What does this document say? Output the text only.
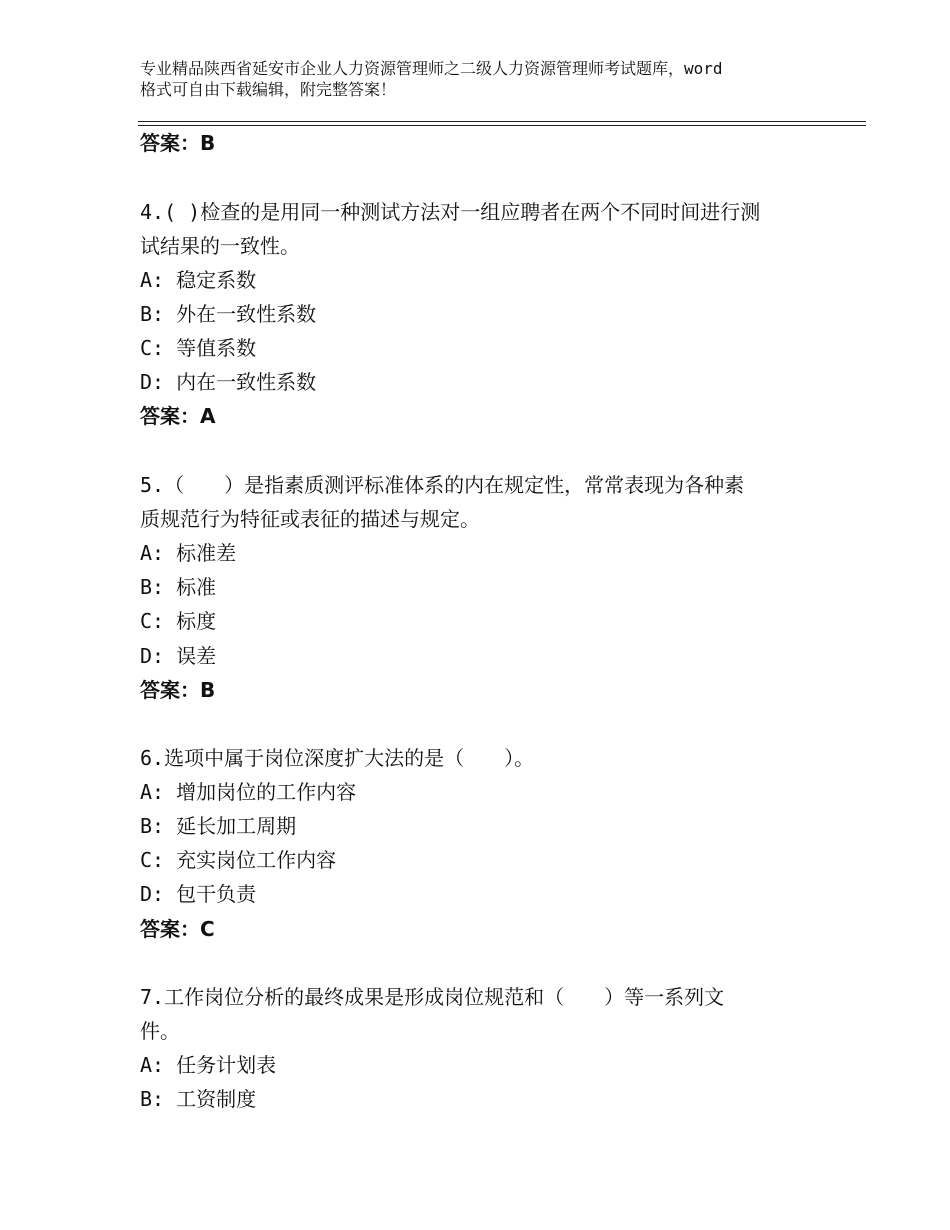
专业精品陕西省延安市企业人力资源管理师之二级人力资源管理师考试题库，word
格式可自由下载编辑，附完整答案！
答案：B
4.( )检查的是用同一种测试方法对一组应聘者在两个不同时间进行测
试结果的一致性。
A: 稳定系数
B: 外在一致性系数
C: 等值系数
D: 内在一致性系数
答案：A
5.（　　）是指素质测评标准体系的内在规定性，常常表现为各种素
质规范行为特征或表征的描述与规定。
A: 标准差
B: 标准
C: 标度
D: 误差
答案：B
6.选项中属于岗位深度扩大法的是（　　）。
A: 增加岗位的工作内容
B: 延长加工周期
C: 充实岗位工作内容
D: 包干负责
答案：C
7.工作岗位分析的最终成果是形成岗位规范和（　　）等一系列文
件。
A: 任务计划表
B: 工资制度
